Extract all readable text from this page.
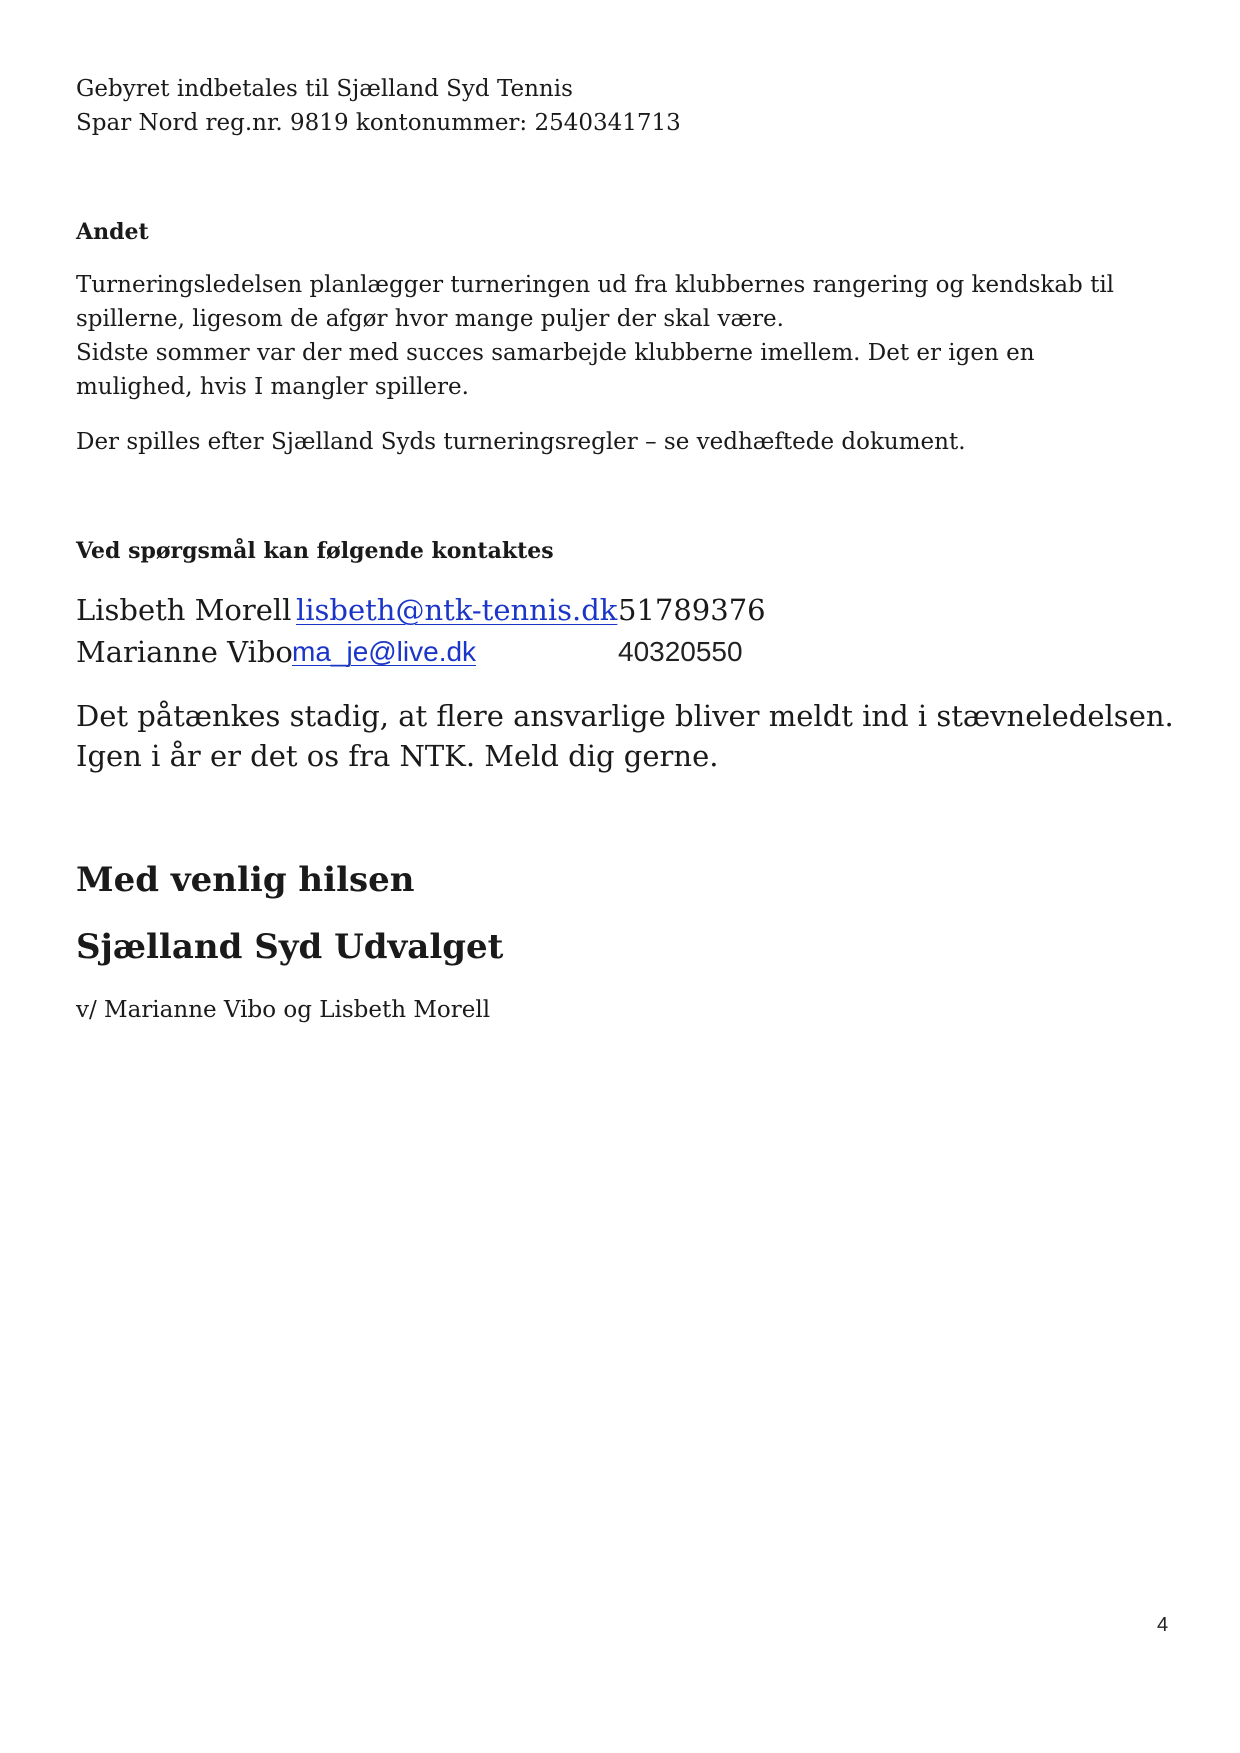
Gebyret indbetales til Sjælland Syd Tennis
Spar Nord reg.nr. 9819 kontonummer: 2540341713
Andet
Turneringsledelsen planlægger turneringen ud fra klubbernes rangering og kendskab til
spillerne, ligesom de afgør hvor mange puljer der skal være.
Sidste sommer var der med succes samarbejde klubberne imellem. Det er igen en
mulighed, hvis I mangler spillere.
Der spilles efter Sjælland Syds turneringsregler – se vedhæftede dokument.
Ved spørgsmål kan følgende kontaktes
Lisbeth Morell lisbeth@ntk-tennis.dk 51789376
Marianne Vibo ma_je@live.dk	40320550
Det påtænkes stadig, at flere ansvarlige bliver meldt ind i stævneledelsen.
Igen i år er det os fra NTK. Meld dig gerne.
Med venlig hilsen
Sjælland Syd Udvalget
v/ Marianne Vibo og Lisbeth Morell
4
